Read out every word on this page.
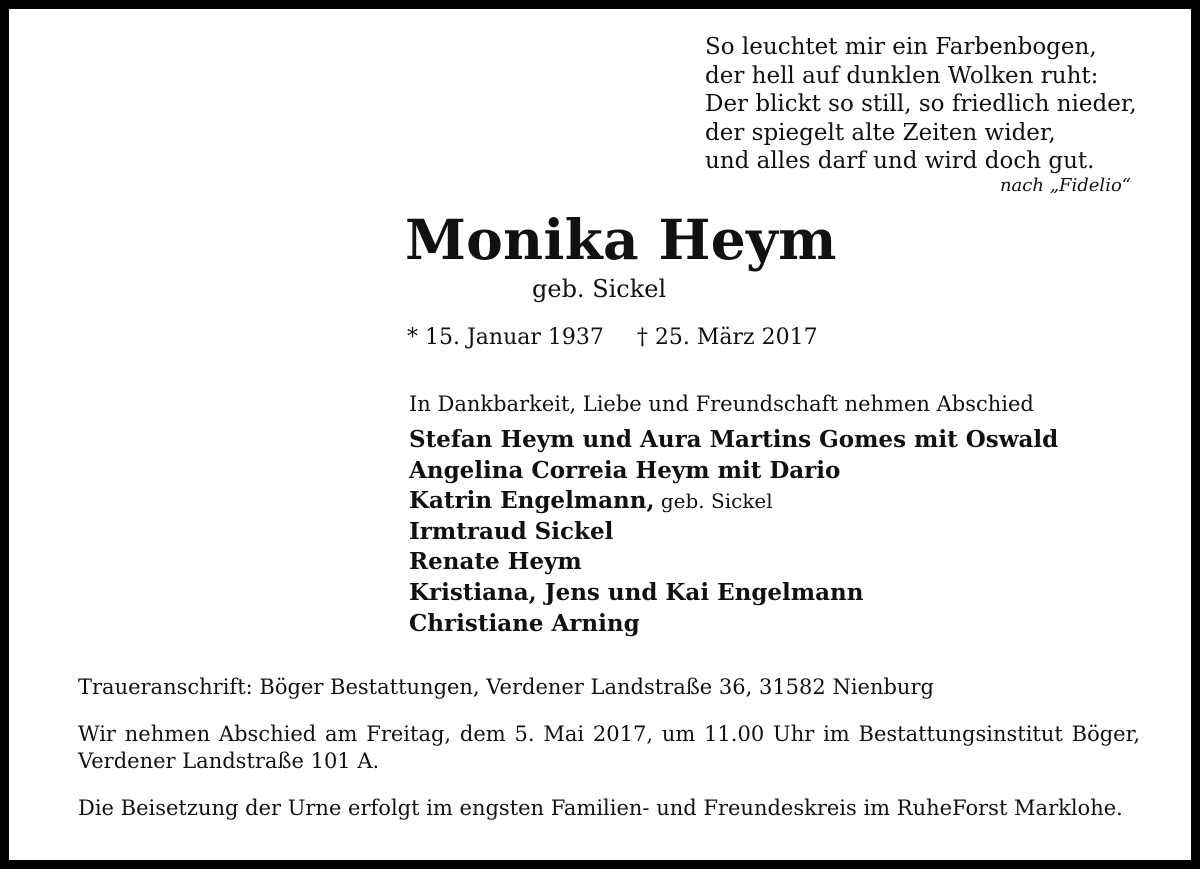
So leuchtet mir ein Farbenbogen,
der hell auf dunklen Wolken ruht:
Der blickt so still, so friedlich nieder,
der spiegelt alte Zeiten wider,
und alles darf und wird doch gut.
nach „Fidelio“
Monika Heym
geb. Sickel
* 15. Januar 1937 † 25. März 2017
In Dankbarkeit, Liebe und Freundschaft nehmen Abschied
Stefan Heym und Aura Martins Gomes mit Oswald
Angelina Correia Heym mit Dario
Katrin Engelmann, geb. Sickel
Irmtraud Sickel
Renate Heym
Kristiana, Jens und Kai Engelmann
Christiane Arning
Traueranschrift: Böger Bestattungen, Verdener Landstraße 36, 31582 Nienburg

Wir nehmen Abschied am Freitag, dem 5. Mai 2017, um 11.00 Uhr im Bestattungsinstitut Böger, Verdener Landstraße 101 A.

Die Beisetzung der Urne erfolgt im engsten Familien- und Freundeskreis im RuheForst Marklohe.
